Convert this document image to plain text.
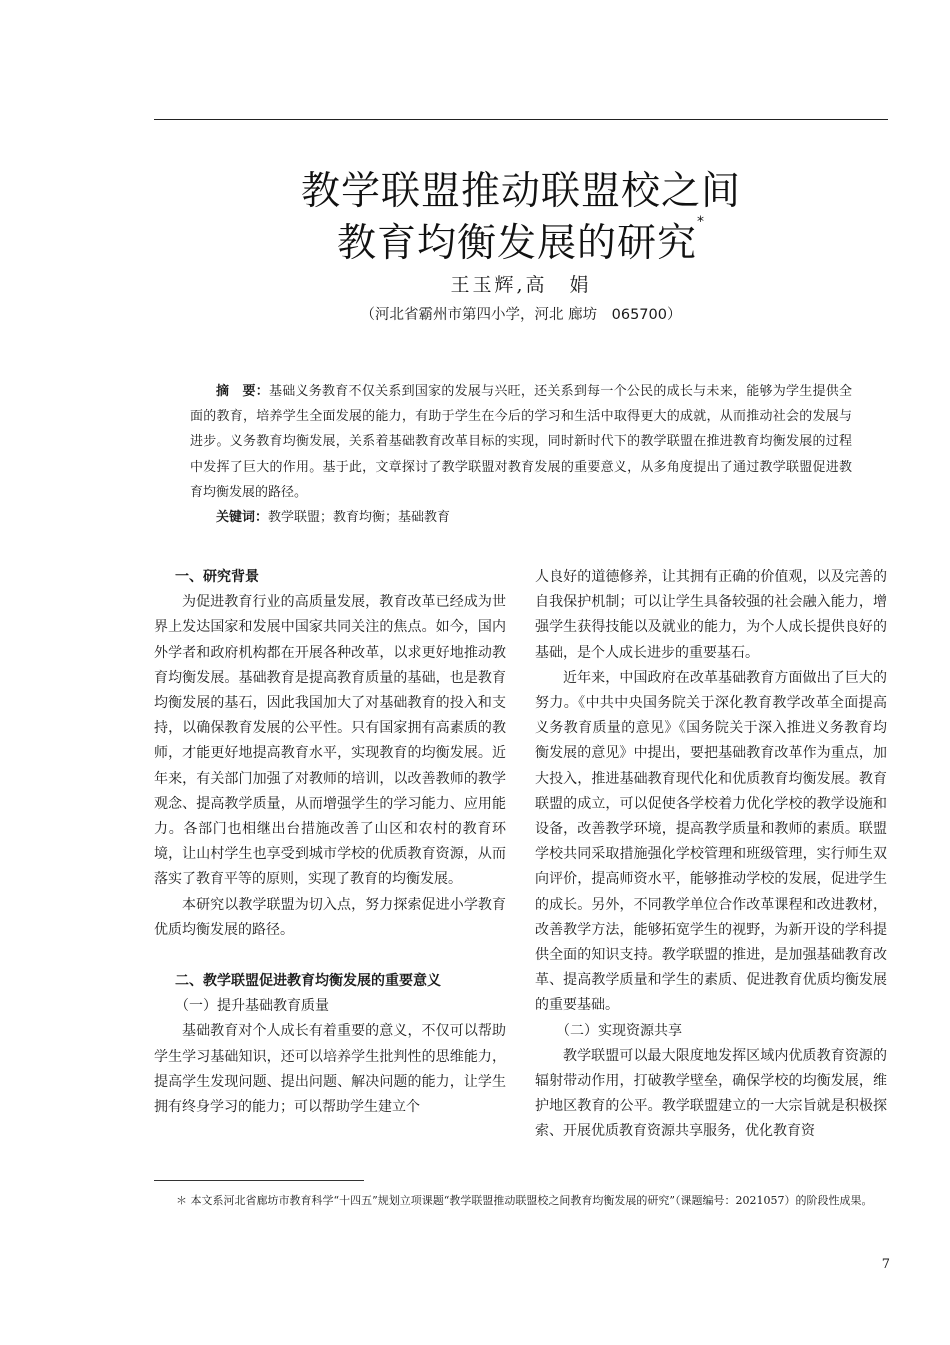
教学联盟推动联盟校之间
教育均衡发展的研究*
王玉辉,高　娟
（河北省霸州市第四小学，河北 廊坊　065700）

摘　要：基础义务教育不仅关系到国家的发展与兴旺，还关系到每一个公民的成长与未来，能够为学生提供全面的教育，培养学生全面发展的能力，有助于学生在今后的学习和生活中取得更大的成就，从而推动社会的发展与进步。义务教育均衡发展，关系着基础教育改革目标的实现，同时新时代下的教学联盟在推进教育均衡发展的过程中发挥了巨大的作用。基于此，文章探讨了教学联盟对教育发展的重要意义，从多角度提出了通过教学联盟促进教育均衡发展的路径。

关键词：教学联盟；教育均衡；基础教育

一、研究背景

为促进教育行业的高质量发展，教育改革已经成为世界上发达国家和发展中国家共同关注的焦点。如今，国内外学者和政府机构都在开展各种改革，以求更好地推动教育均衡发展。基础教育是提高教育质量的基础，也是教育均衡发展的基石，因此我国加大了对基础教育的投入和支持，以确保教育发展的公平性。只有国家拥有高素质的教师，才能更好地提高教育水平，实现教育的均衡发展。近年来，有关部门加强了对教师的培训，以改善教师的教学观念、提高教学质量，从而增强学生的学习能力、应用能力。各部门也相继出台措施改善了山区和农村的教育环境，让山村学生也享受到城市学校的优质教育资源，从而落实了教育平等的原则，实现了教育的均衡发展。

本研究以教学联盟为切入点，努力探索促进小学教育优质均衡发展的路径。

二、教学联盟促进教育均衡发展的重要意义
（一）提升基础教育质量

基础教育对个人成长有着重要的意义，不仅可以帮助学生学习基础知识，还可以培养学生批判性的思维能力，提高学生发现问题、提出问题、解决问题的能力，让学生拥有终身学习的能力；可以帮助学生建立个

人良好的道德修养，让其拥有正确的价值观，以及完善的自我保护机制；可以让学生具备较强的社会融入能力，增强学生获得技能以及就业的能力，为个人成长提供良好的基础，是个人成长进步的重要基石。

近年来，中国政府在改革基础教育方面做出了巨大的努力。《中共中央国务院关于深化教育教学改革全面提高义务教育质量的意见》《国务院关于深入推进义务教育均衡发展的意见》中提出，要把基础教育改革作为重点，加大投入，推进基础教育现代化和优质教育均衡发展。教育联盟的成立，可以促使各学校着力优化学校的教学设施和设备，改善教学环境，提高教学质量和教师的素质。联盟学校共同采取措施强化学校管理和班级管理，实行师生双向评价，提高师资水平，能够推动学校的发展，促进学生的成长。另外，不同教学单位合作改革课程和改进教材，改善教学方法，能够拓宽学生的视野，为新开设的学科提供全面的知识支持。教学联盟的推进，是加强基础教育改革、提高教学质量和学生的素质、促进教育优质均衡发展的重要基础。

（二）实现资源共享

教学联盟可以最大限度地发挥区域内优质教育资源的辐射带动作用，打破教学壁垒，确保学校的均衡发展，维护地区教育的公平。教学联盟建立的一大宗旨就是积极探索、开展优质教育资源共享服务，优化教育资

＊ 本文系河北省廊坊市教育科学“十四五”规划立项课题“教学联盟推动联盟校之间教育均衡发展的研究”（课题编号：2021057）的阶段性成果。
7
